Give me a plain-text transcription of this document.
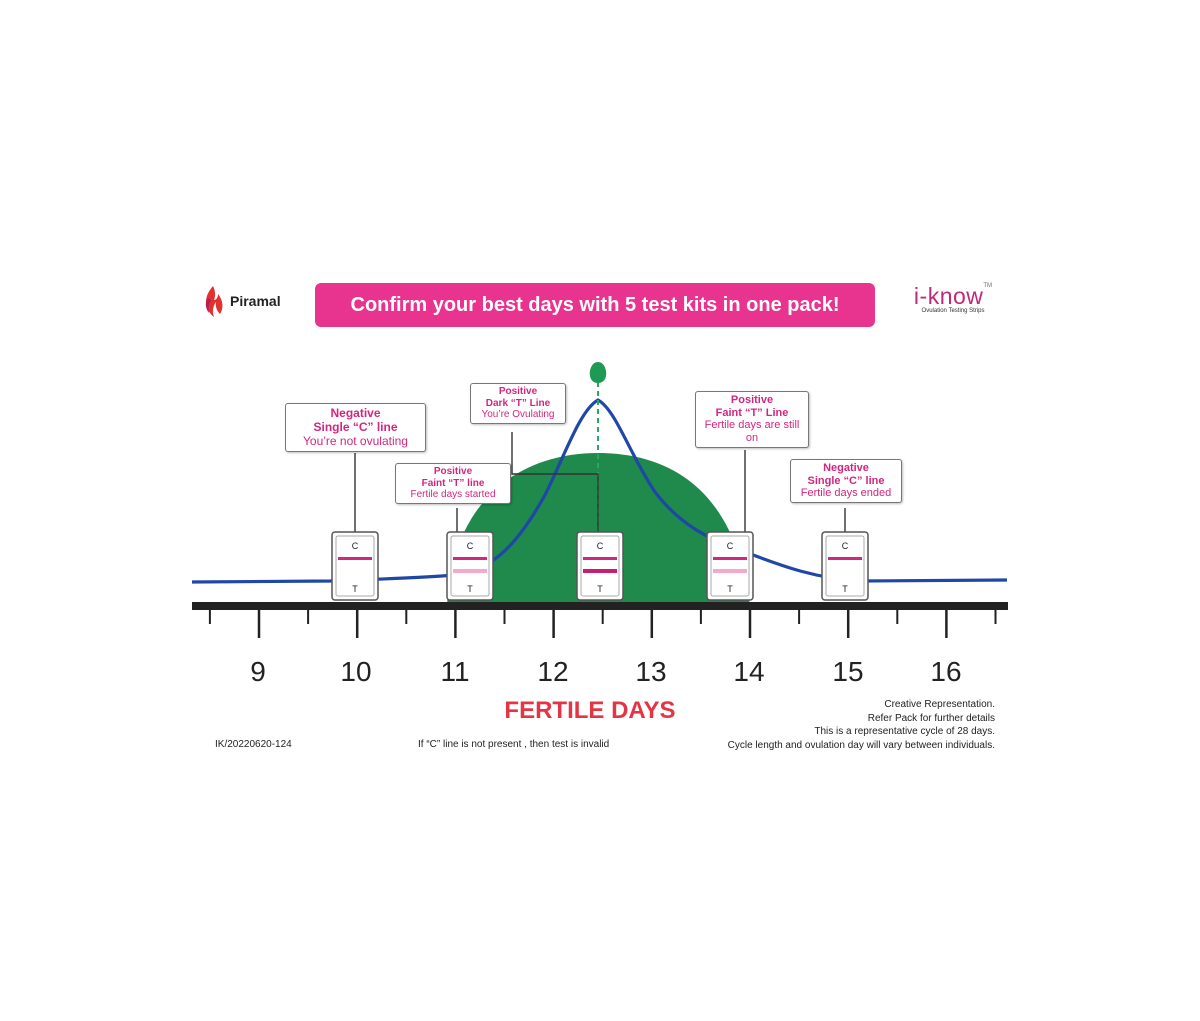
Piramal	Confirm your best days with 5 test kits in one pack!	i-know™
Ovulation Testing Strips
C
T
C
T
C
T
C
T
C
T
Negative
Single “C” line
You’re not ovulating
Positive
Faint “T” line
Fertile days started
Positive
Dark “T” Line
You’re Ovulating
Positive
Faint “T” Line
Fertile days are still on
Negative
Single “C” line
Fertile days ended
9	10	11	12	13	14	15	16
FERTILE DAYS
IK/20220620-124	If “C” line is not present , then test is invalid
Creative Representation.
Refer Pack for further details
This is a representative cycle of 28 days.
Cycle length and ovulation day will vary between individuals.
